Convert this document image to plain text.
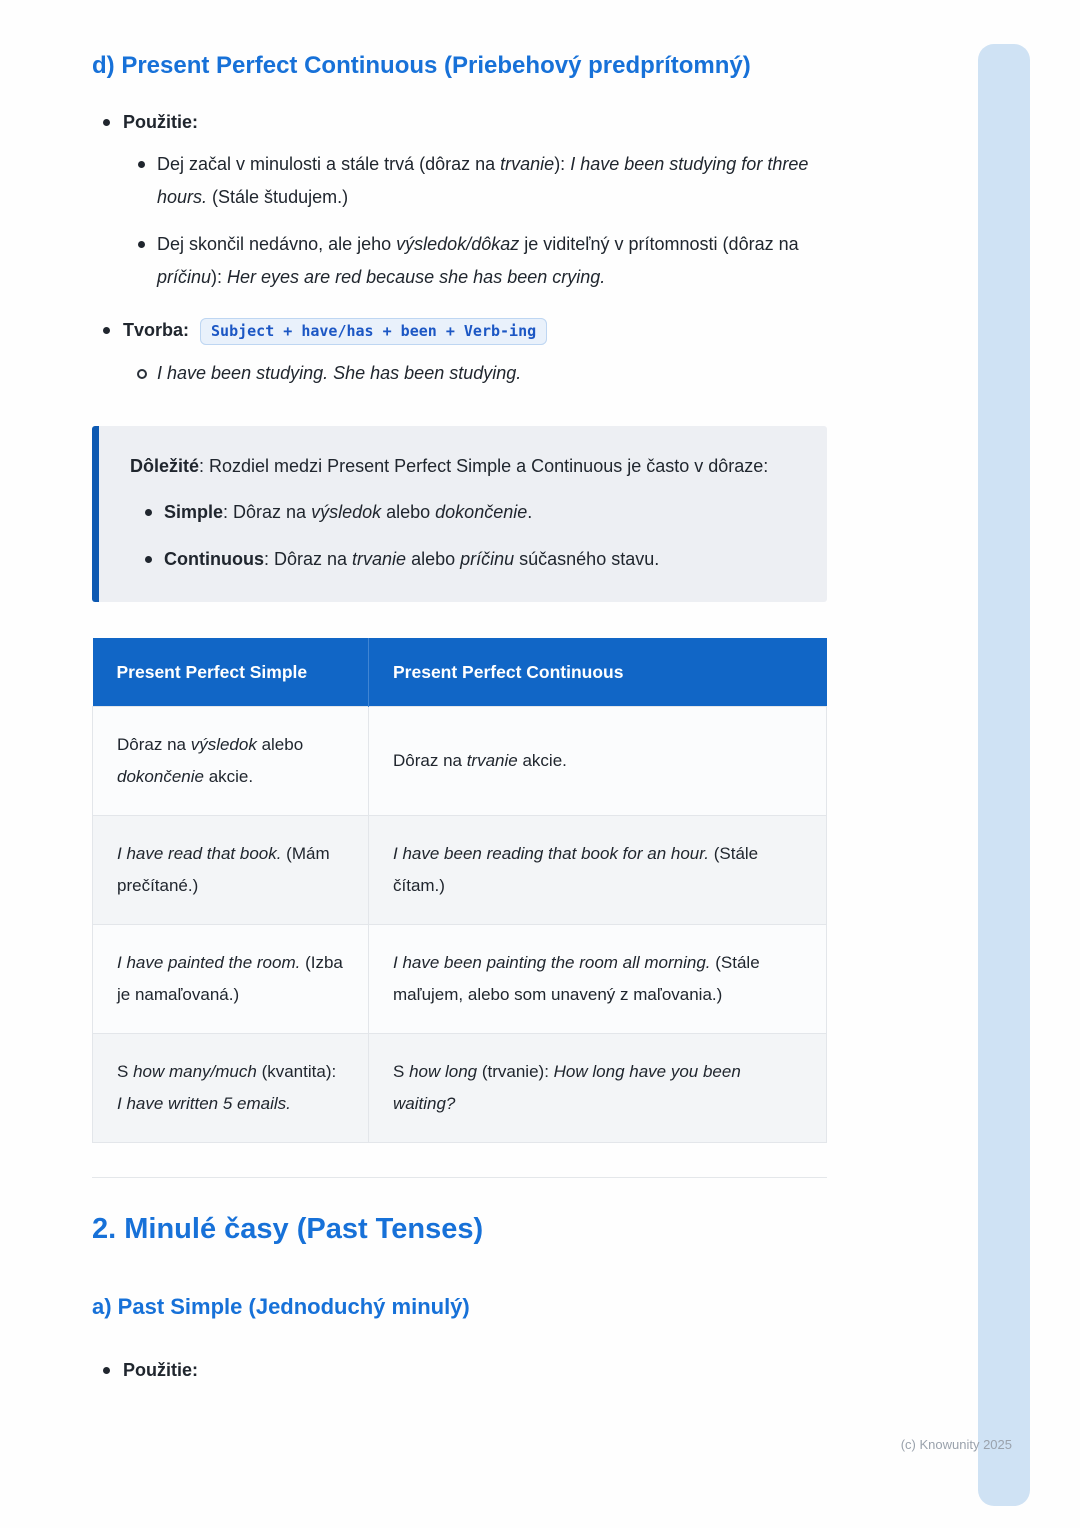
d) Present Perfect Continuous (Priebehový predprítomný)
Použitie:
Dej začal v minulosti a stále trvá (dôraz na trvanie): I have been studying for three hours. (Stále študujem.)
Dej skončil nedávno, ale jeho výsledok/dôkaz je viditeľný v prítomnosti (dôraz na príčinu): Her eyes are red because she has been crying.
Tvorba: Subject + have/has + been + Verb-ing
I have been studying. She has been studying.

Dôležité: Rozdiel medzi Present Perfect Simple a Continuous je často v dôraze:

Simple: Dôraz na výsledok alebo dokončenie.
Continuous: Dôraz na trvanie alebo príčinu súčasného stavu.
Present Perfect Simple	Present Perfect Continuous
Dôraz na výsledok alebo dokončenie akcie.	Dôraz na trvanie akcie.
I have read that book. (Mám prečítané.)	I have been reading that book for an hour. (Stále čítam.)
I have painted the room. (Izba je namaľovaná.)	I have been painting the room all morning. (Stále maľujem, alebo som unavený z maľovania.)
S how many/much (kvantita): I have written 5 emails.	S how long (trvanie): How long have you been waiting?
2. Minulé časy (Past Tenses)
a) Past Simple (Jednoduchý minulý)
Použitie:
(c) Knowunity 2025
